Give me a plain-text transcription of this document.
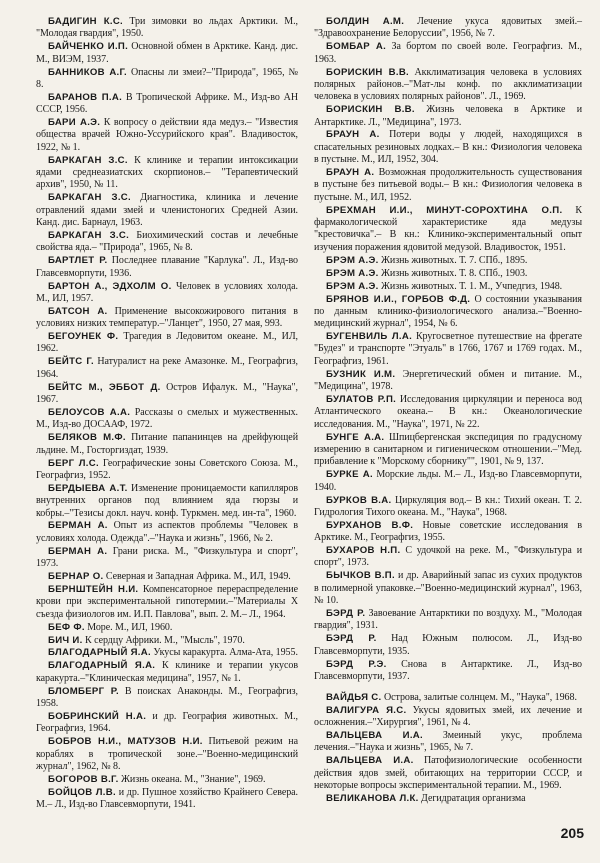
БАДИГИН К.С. Три зимовки во льдах Арктики. М., "Молодая гвардия", 1950.

БАЙЧЕНКО И.П. Основной обмен в Арктике. Канд. дис. М., ВИЭМ, 1937.

БАННИКОВ А.Г. Опасны ли змеи?–"Природа", 1965, № 8.

БАРАНОВ П.А. В Тропической Африке. М., Изд-во АН СССР, 1956.

БАРИ А.Э. К вопросу о действии яда медуз.– "Известия общества врачей Южно-Уссурийского края". Владивосток, 1922, № 1.

БАРКАГАН З.С. К клинике и терапии интоксикации ядами среднеазиатских скорпионов.– "Терапевтический архив", 1950, № 11.

БАРКАГАН З.С. Диагностика, клиника и лечение отравлений ядами змей и членистоногих Средней Азии. Канд. дис. Барнаул, 1963.

БАРКАГАН З.С. Биохимический состав и лечебные свойства яда.– "Природа", 1965, № 8.

БАРТЛЕТ Р. Последнее плавание "Карлука". Л., Изд-во Главсевморпути, 1936.

БАРТОН А., ЭДХОЛМ О. Человек в условиях холода. М., ИЛ, 1957.

БАТСОН А. Применение высокожирового питания в условиях низких температур.–"Ланцет", 1950, 27 мая, 993.

БЕГОУНЕК Ф. Трагедия в Ледовитом океане. М., ИЛ, 1962.

БЕЙТС Г. Натуралист на реке Амазонке. М., Географгиз, 1964.

БЕЙТС М., ЭББОТ Д. Остров Ифалук. М., "Наука", 1967.

БЕЛОУСОВ А.А. Рассказы о смелых и мужественных. М., Изд-во ДОСААФ, 1972.

БЕЛЯКОВ М.Ф. Питание папанинцев на дрейфующей льдине. М., Госторгиздат, 1939.

БЕРГ Л.С. Географические зоны Советского Союза. М., Географгиз, 1952.

БЕРДЫЕВА А.Т. Изменение проницаемости капилляров внутренних органов под влиянием яда гюрзы и кобры.–"Тезисы докл. науч. конф. Туркмен. мед. ин-та", 1960.

БЕРМАН А. Опыт из аспектов проблемы "Человек в условиях холода. Одежда".–"Наука и жизнь", 1966, № 2.

БЕРМАН А. Грани риска. М., "Физкультура и спорт", 1973.

БЕРНАР О. Северная и Западная Африка. М., ИЛ, 1949.

БЕРНШТЕЙН Н.И. Компенсаторное перераспределение крови при экспериментальной гипотермии.–"Материалы X съезда физиологов им. И.П. Павлова", вып. 2. М.– Л., 1964.

БЕФ Ф. Море. М., ИЛ, 1960.

БИЧ И. К сердцу Африки. М., "Мысль", 1970.

БЛАГОДАРНЫЙ Я.А. Укусы каракурта. Алма-Ата, 1955.

БЛАГОДАРНЫЙ Я.А. К клинике и терапии укусов каракурта.–"Клиническая медицина", 1957, № 1.

БЛОМБЕРГ Р. В поисках Анаконды. М., Географгиз, 1958.

БОБРИНСКИЙ Н.А. и др. География животных. М., Географгиз, 1964.

БОБРОВ Н.И., МАТУЗОВ Н.И. Питьевой режим на кораблях в тропической зоне.–"Военно-медицинский журнал", 1962, № 8.

БОГОРОВ В.Г. Жизнь океана. М., "Знание", 1969.

БОЙЦОВ Л.В. и др. Пушное хозяйство Крайнего Севера. М.– Л., Изд-во Главсевморпути, 1941.

БОЛДИН А.М. Лечение укуса ядовитых змей.– "Здравоохранение Белоруссии", 1956, № 7.

БОМБАР А. За бортом по своей воле. Географгиз. М., 1963.

БОРИСКИН В.В. Акклиматизация человека в условиях полярных районов.–"Мат-лы конф. по акклиматизации человека в условиях полярных районов". Л., 1969.

БОРИСКИН В.В. Жизнь человека в Арктике и Антарктике. Л., "Медицина", 1973.

БРАУН А. Потери воды у людей, находящихся в спасательных резиновых лодках.– В кн.: Физиология человека в пустыне. М., ИЛ, 1952, 304.

БРАУН А. Возможная продолжительность существования в пустыне без питьевой воды.– В кн.: Физиология человека в пустыне. М., ИЛ, 1952.

БРЕХМАН И.И., МИНУТ-СОРОХТИНА О.П. К фармакологической характеристике яда медузы "крестовичка".– В кн.: Клинико-экспериментальный опыт изучения поражения ядовитой медузой. Владивосток, 1951.

БРЭМ А.Э. Жизнь животных. Т. 7. СПб., 1895.

БРЭМ А.Э. Жизнь животных. Т. 8. СПб., 1903.

БРЭМ А.Э. Жизнь животных. Т. 1. М., Учпедгиз, 1948.

БРЯНОВ И.И., ГОРБОВ Ф.Д. О состоянии указывания по данным клинико-физиологического анализа.–"Военно-медицинский журнал", 1954, № 6.

БУГЕНВИЛЬ Л.А. Кругосветное путешествие на фрегате "Будез" и транспорте "Этуаль" в 1766, 1767 и 1769 годах. М., Географгиз, 1961.

БУЗНИК И.М. Энергетический обмен и питание. М., "Медицина", 1978.

БУЛАТОВ Р.П. Исследования циркуляции и переноса вод Атлантического океана.– В кн.: Океанологические исследования. М., "Наука", 1971, № 22.

БУНГЕ А.А. Шпицбергенская экспедиция по градусному измерению в санитарном и гигиеническом отношении.–"Мед. прибавление к "Морскому сборнику"", 1901, № 9, 137.

БУРКЕ А. Морские льды. М.– Л., Изд-во Главсевморпути, 1940.

БУРКОВ В.А. Циркуляция вод.– В кн.: Тихий океан. Т. 2. Гидрология Тихого океана. М., "Наука", 1968.

БУРХАНОВ В.Ф. Новые советские исследования в Арктике. М., Географгиз, 1955.

БУХАРОВ Н.П. С удочкой на реке. М., "Физкультура и спорт", 1973.

БЫЧКОВ В.П. и др. Аварийный запас из сухих продуктов в полимерной упаковке.–"Военно-медицинский журнал", 1963, № 10.

БЭРД Р. Завоевание Антарктики по воздуху. М., "Молодая гвардия", 1931.

БЭРД Р. Над Южным полюсом. Л., Изд-во Главсевморпути, 1935.

БЭРД Р.Э. Снова в Антарктике. Л., Изд-во Главсевморпути, 1937.

ВАЙДЬЯ С. Острова, залитые солнцем. М., "Наука", 1968.

ВАЛИГУРА Я.С. Укусы ядовитых змей, их лечение и осложнения.–"Хирургия", 1961, № 4.

ВАЛЬЦЕВА И.А. Змеиный укус, проблема лечения.–"Наука и жизнь", 1965, № 7.

ВАЛЬЦЕВА И.А. Патофизиологические особенности действия ядов змей, обитающих на территории СССР, и некоторые вопросы экспериментальной терапии. М., 1969.

ВЕЛИКАНОВА Л.К. Дегидратация организма

205
